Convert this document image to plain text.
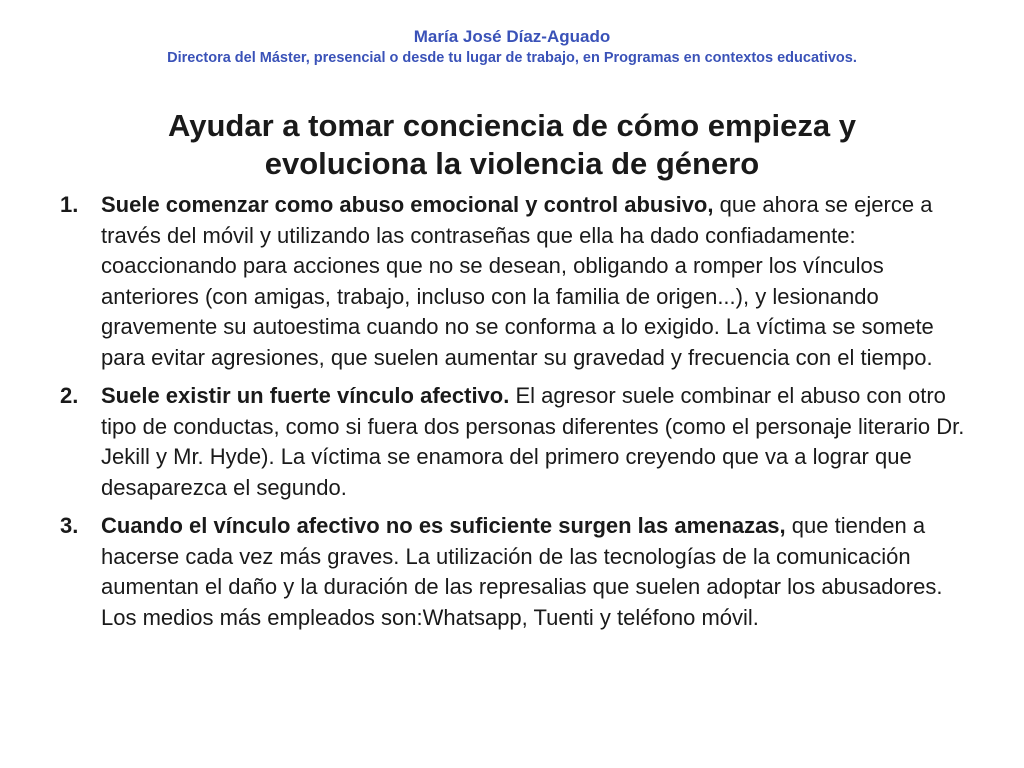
María José Díaz-Aguado
Directora del Máster, presencial o desde tu lugar de trabajo, en Programas en contextos educativos.
Ayudar a tomar conciencia de cómo empieza y
evoluciona la violencia de género
1. Suele comenzar como abuso emocional y control abusivo, que ahora se ejerce a través del móvil y utilizando las contraseñas que ella ha dado confiadamente: coaccionando para acciones que no se desean, obligando a romper los vínculos anteriores (con amigas, trabajo, incluso con la familia de origen...), y lesionando gravemente su autoestima cuando no se conforma a lo exigido. La víctima se somete para evitar agresiones, que suelen aumentar su gravedad y frecuencia con el tiempo.
2. Suele existir un fuerte vínculo afectivo. El agresor suele combinar el abuso con otro tipo de conductas, como si fuera dos personas diferentes (como el personaje literario Dr. Jekill y Mr. Hyde). La víctima se enamora del primero creyendo que va a lograr que desaparezca el segundo.
3. Cuando el vínculo afectivo no es suficiente surgen las amenazas, que tienden a hacerse cada vez más graves. La utilización de las tecnologías de la comunicación aumentan el daño y la duración de las represalias que suelen adoptar los abusadores. Los medios más empleados son:Whatsapp, Tuenti y teléfono móvil.
